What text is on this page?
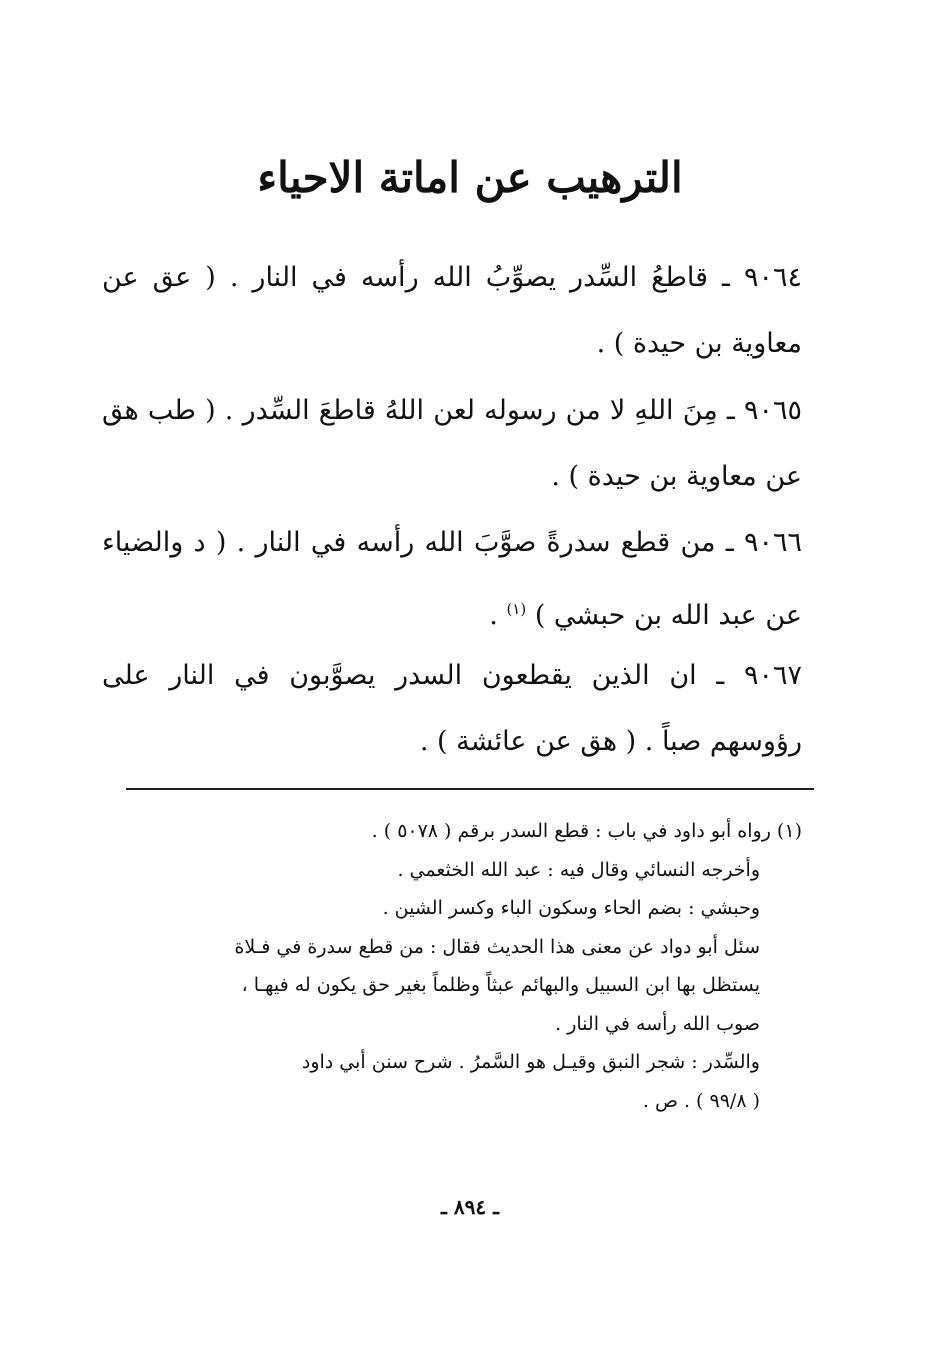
الترهيب عن اماتة الاحياء

٩٠٦٤ ـ قاطعُ السِّدر يصوِّبُ الله رأسه في النار . ( عق عن معاوية بن حيدة ) .

٩٠٦٥ ـ مِنَ اللهِ لا من رسوله لعن اللهُ قاطعَ السِّدر . ( طب هق عن معاوية بن حيدة ) .

٩٠٦٦ ـ من قطع سدرةً صوَّبَ الله رأسه في النار . ( د والضياء عن عبد الله بن حبشي ) $^{(١)}$ .

٩٠٦٧ ـ ان الذين يقطعون السدر يصوَّبون في النار على رؤوسهم صباً . ( هق عن عائشة ) .

(١) رواه أبو داود في باب : قطع السدر برقم ( ٥٠٧٨ ) .
وأخرجه النسائي وقال فيه : عبد الله الخثعمي .
وحبشي : بضم الحاء وسكون الباء وكسر الشين .
سئل أبو دواد عن معنى هذا الحديث فقال : من قطع سدرة في فـلاة
يستظل بها ابن السبيل والبهائم عبثاً وظلماً بغير حق يكون له فيهـا ،
صوب الله رأسه في النار .
والسِّدر : شجر النبق وقيـل هو السَّمرُ . شرح سنن أبي داود
( ٩٩/٨ ) . ص .
ـ ٨٩٤ ـ
